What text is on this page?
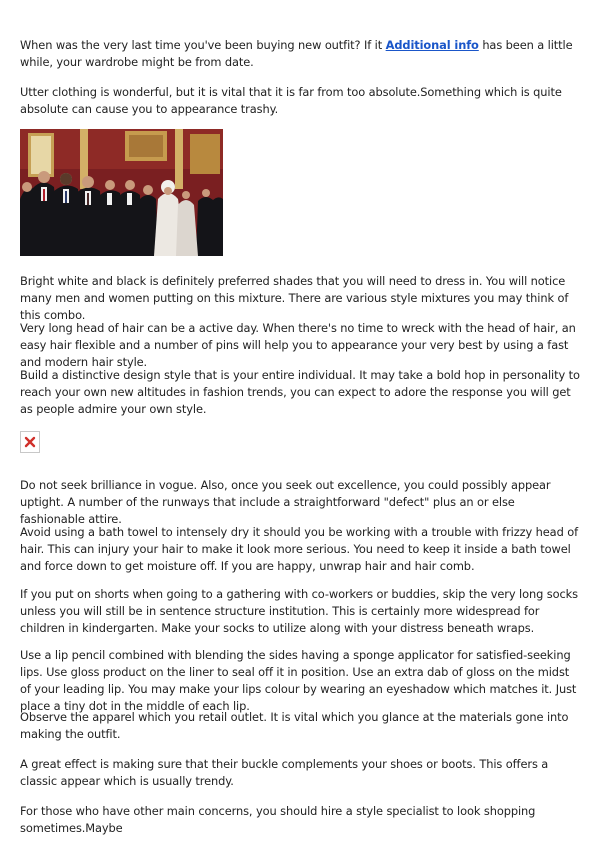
When was the very last time you've been buying new outfit? If it Additional info has been a little while, your wardrobe might be from date.

Utter clothing is wonderful, but it is vital that it is far from too absolute.Something which is quite absolute can cause you to appearance trashy.

Bright white and black is definitely preferred shades that you will need to dress in. You will notice many men and women putting on this mixture. There are various style mixtures you may think of this combo.

Very long head of hair can be a active day. When there's no time to wreck with the head of hair, an easy hair flexible and a number of pins will help you to appearance your very best by using a fast and modern hair style.

Build a distinctive design style that is your entire individual. It may take a bold hop in personality to reach your own new altitudes in fashion trends, you can expect to adore the response you will get as people admire your own style.

Do not seek brilliance in vogue. Also, once you seek out excellence, you could possibly appear uptight. A number of the runways that include a straightforward "defect" plus an or else fashionable attire.

Avoid using a bath towel to intensely dry it should you be working with a trouble with frizzy head of hair. This can injury your hair to make it look more serious. You need to keep it inside a bath towel and force down to get moisture off. If you are happy, unwrap hair and hair comb.

If you put on shorts when going to a gathering with co-workers or buddies, skip the very long socks unless you will still be in sentence structure institution. This is certainly more widespread for children in kindergarten. Make your socks to utilize along with your distress beneath wraps.

Use a lip pencil combined with blending the sides having a sponge applicator for satisfied-seeking lips. Use gloss product on the liner to seal off it in position. Use an extra dab of gloss on the midst of your leading lip. You may make your lips colour by wearing an eyeshadow which matches it. Just place a tiny dot in the middle of each lip.

Observe the apparel which you retail outlet. It is vital which you glance at the materials gone into making the outfit.

A great effect is making sure that their buckle complements your shoes or boots. This offers a classic appear which is usually trendy.

For those who have other main concerns, you should hire a style specialist to look shopping sometimes.Maybe
